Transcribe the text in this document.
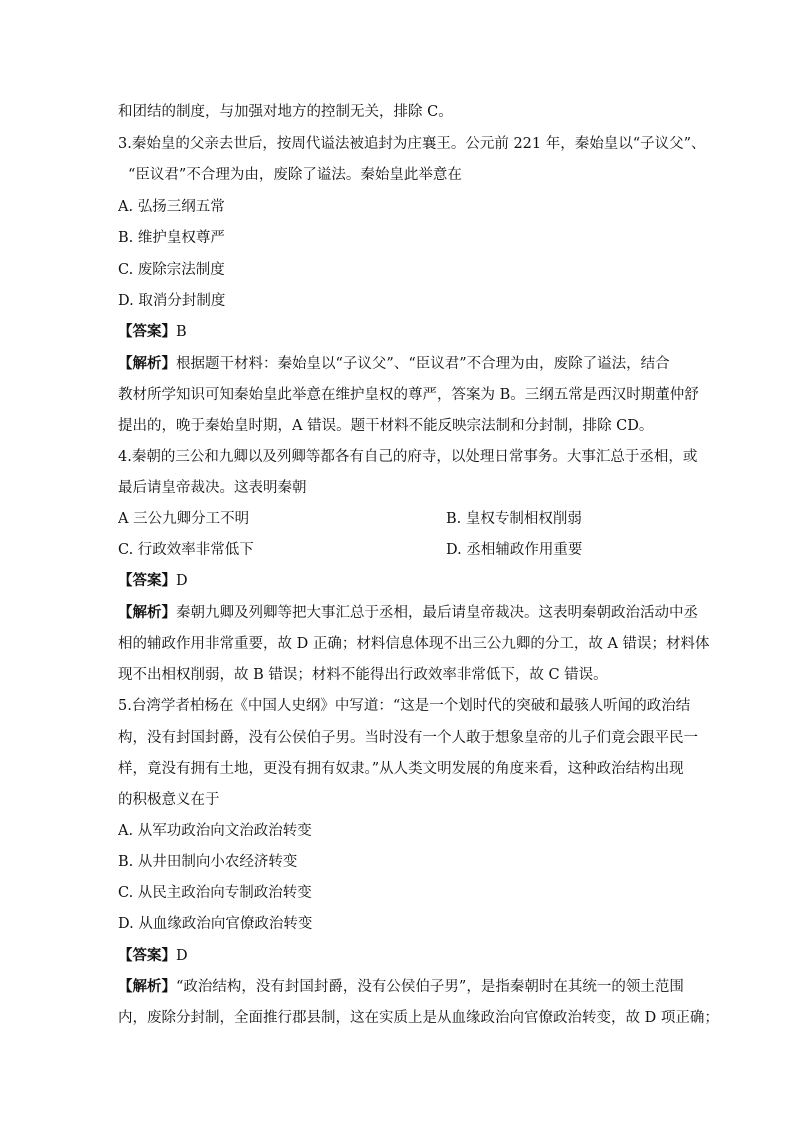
和团结的制度，与加强对地方的控制无关，排除 C。
3.秦始皇的父亲去世后，按周代谥法被追封为庄襄王。公元前 221 年，秦始皇以“子议父”、
“臣议君”不合理为由，废除了谥法。秦始皇此举意在
A. 弘扬三纲五常
B. 维护皇权尊严
C. 废除宗法制度
D. 取消分封制度
【答案】B
【解析】根据题干材料：秦始皇以“子议父”、“臣议君”不合理为由，废除了谥法，结合
教材所学知识可知秦始皇此举意在维护皇权的尊严，答案为 B。三纲五常是西汉时期董仲舒
提出的，晚于秦始皇时期，A 错误。题干材料不能反映宗法制和分封制，排除 CD。
4.秦朝的三公和九卿以及列卿等都各有自己的府寺，以处理日常事务。大事汇总于丞相，或
最后请皇帝裁决。这表明秦朝
A 三公九卿分工不明	B. 皇权专制相权削弱
C. 行政效率非常低下	D. 丞相辅政作用重要
【答案】D
【解析】秦朝九卿及列卿等把大事汇总于丞相，最后请皇帝裁决。这表明秦朝政治活动中丞
相的辅政作用非常重要，故 D 正确；材料信息体现不出三公九卿的分工，故 A 错误；材料体
现不出相权削弱，故 B 错误；材料不能得出行政效率非常低下，故 C 错误。
5.台湾学者柏杨在《中国人史纲》中写道：“这是一个划时代的突破和最骇人听闻的政治结
构，没有封国封爵，没有公侯伯子男。当时没有一个人敢于想象皇帝的儿子们竟会跟平民一
样，竟没有拥有土地，更没有拥有奴隶。”从人类文明发展的角度来看，这种政治结构出现
的积极意义在于
A. 从军功政治向文治政治转变
B. 从井田制向小农经济转变
C. 从民主政治向专制政治转变
D. 从血缘政治向官僚政治转变
【答案】D
【解析】“政治结构，没有封国封爵，没有公侯伯子男”，是指秦朝时在其统一的领土范围
内，废除分封制，全面推行郡县制，这在实质上是从血缘政治向官僚政治转变，故 D 项正确；
